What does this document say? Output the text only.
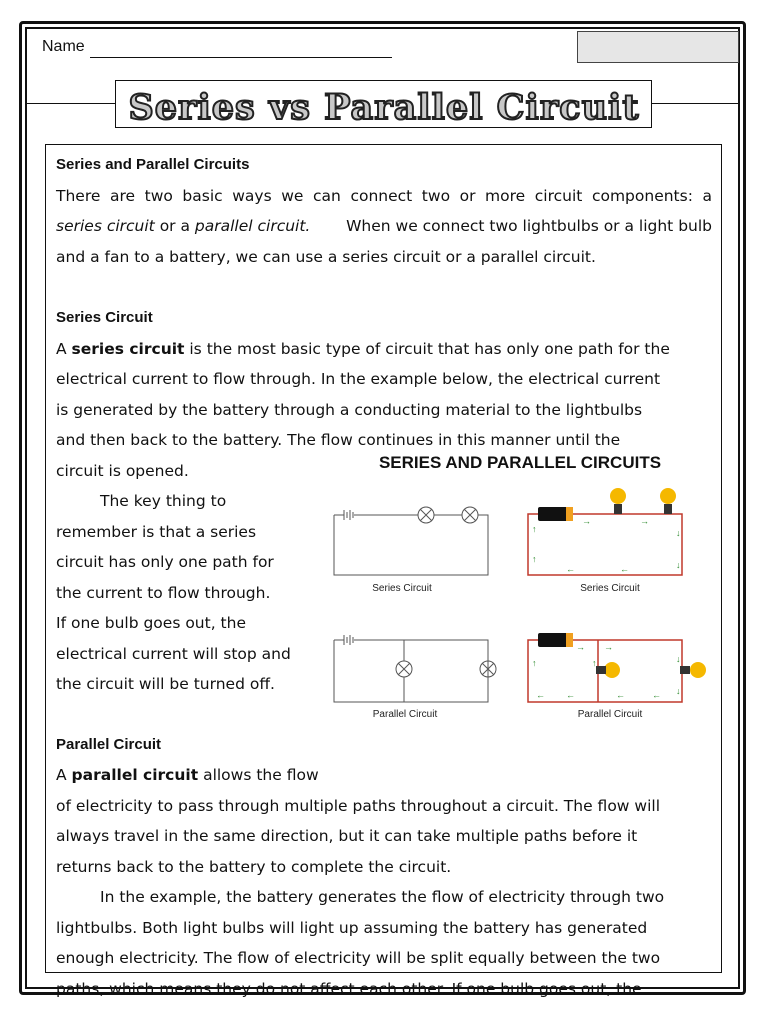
Name
Series vs Parallel Circuit
Series and Parallel Circuits
There are two basic ways we can connect two or more circuit components: a
series circuit or a parallel circuit. When we connect two lightbulbs or a light bulb
and a fan to a battery, we can use a series circuit or a parallel circuit.
Series Circuit
A series circuit is the most basic type of circuit that has only one path for the
electrical current to flow through. In the example below, the electrical current
is generated by the battery through a conducting material to the lightbulbs
and then back to the battery. The flow continues in this manner until the
circuit is opened.
The key thing to
remember is that a series
circuit has only one path for
the current to flow through.
If one bulb goes out, the
electrical current will stop and
the circuit will be turned off.
Parallel Circuit
A parallel circuit allows the flow
of electricity to pass through multiple paths throughout a circuit. The flow will
always travel in the same direction, but it can take multiple paths before it
returns back to the battery to complete the circuit.
In the example, the battery generates the flow of electricity through two
lightbulbs. Both light bulbs will light up assuming the battery has generated
enough electricity. The flow of electricity will be split equally between the two
paths, which means they do not affect each other. If one bulb goes out, the
SERIES AND PARALLEL CIRCUITS
Series Circuit
→	→
↓
↓
←	←
↑
↑
Series Circuit
Parallel Circuit
→ →
↓
↓
↑	↑
← ←	←	←
Parallel Circuit
